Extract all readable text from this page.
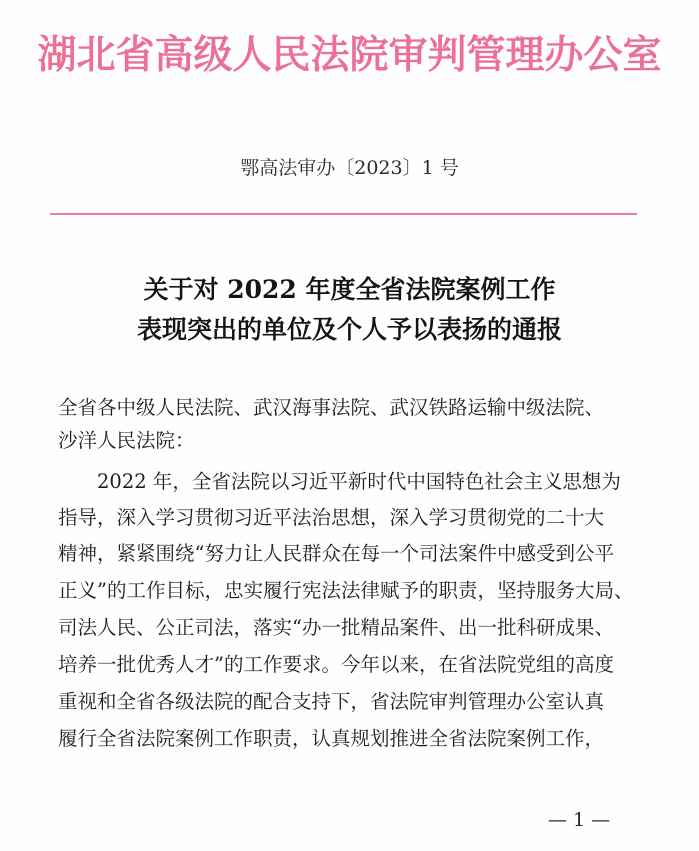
湖北省高级人民法院审判管理办公室
鄂高法审办〔2023〕1 号
关于对 2022 年度全省法院案例工作
表现突出的单位及个人予以表扬的通报
全省各中级人民法院、武汉海事法院、武汉铁路运输中级法院、
沙洋人民法院：
2022 年，全省法院以习近平新时代中国特色社会主义思想为
指导，深入学习贯彻习近平法治思想，深入学习贯彻党的二十大
精神，紧紧围绕“努力让人民群众在每一个司法案件中感受到公平
正义”的工作目标，忠实履行宪法法律赋予的职责，坚持服务大局、
司法人民、公正司法，落实“办一批精品案件、出一批科研成果、
培养一批优秀人才”的工作要求。今年以来，在省法院党组的高度
重视和全省各级法院的配合支持下，省法院审判管理办公室认真
履行全省法院案例工作职责，认真规划推进全省法院案例工作，
— 1 —
